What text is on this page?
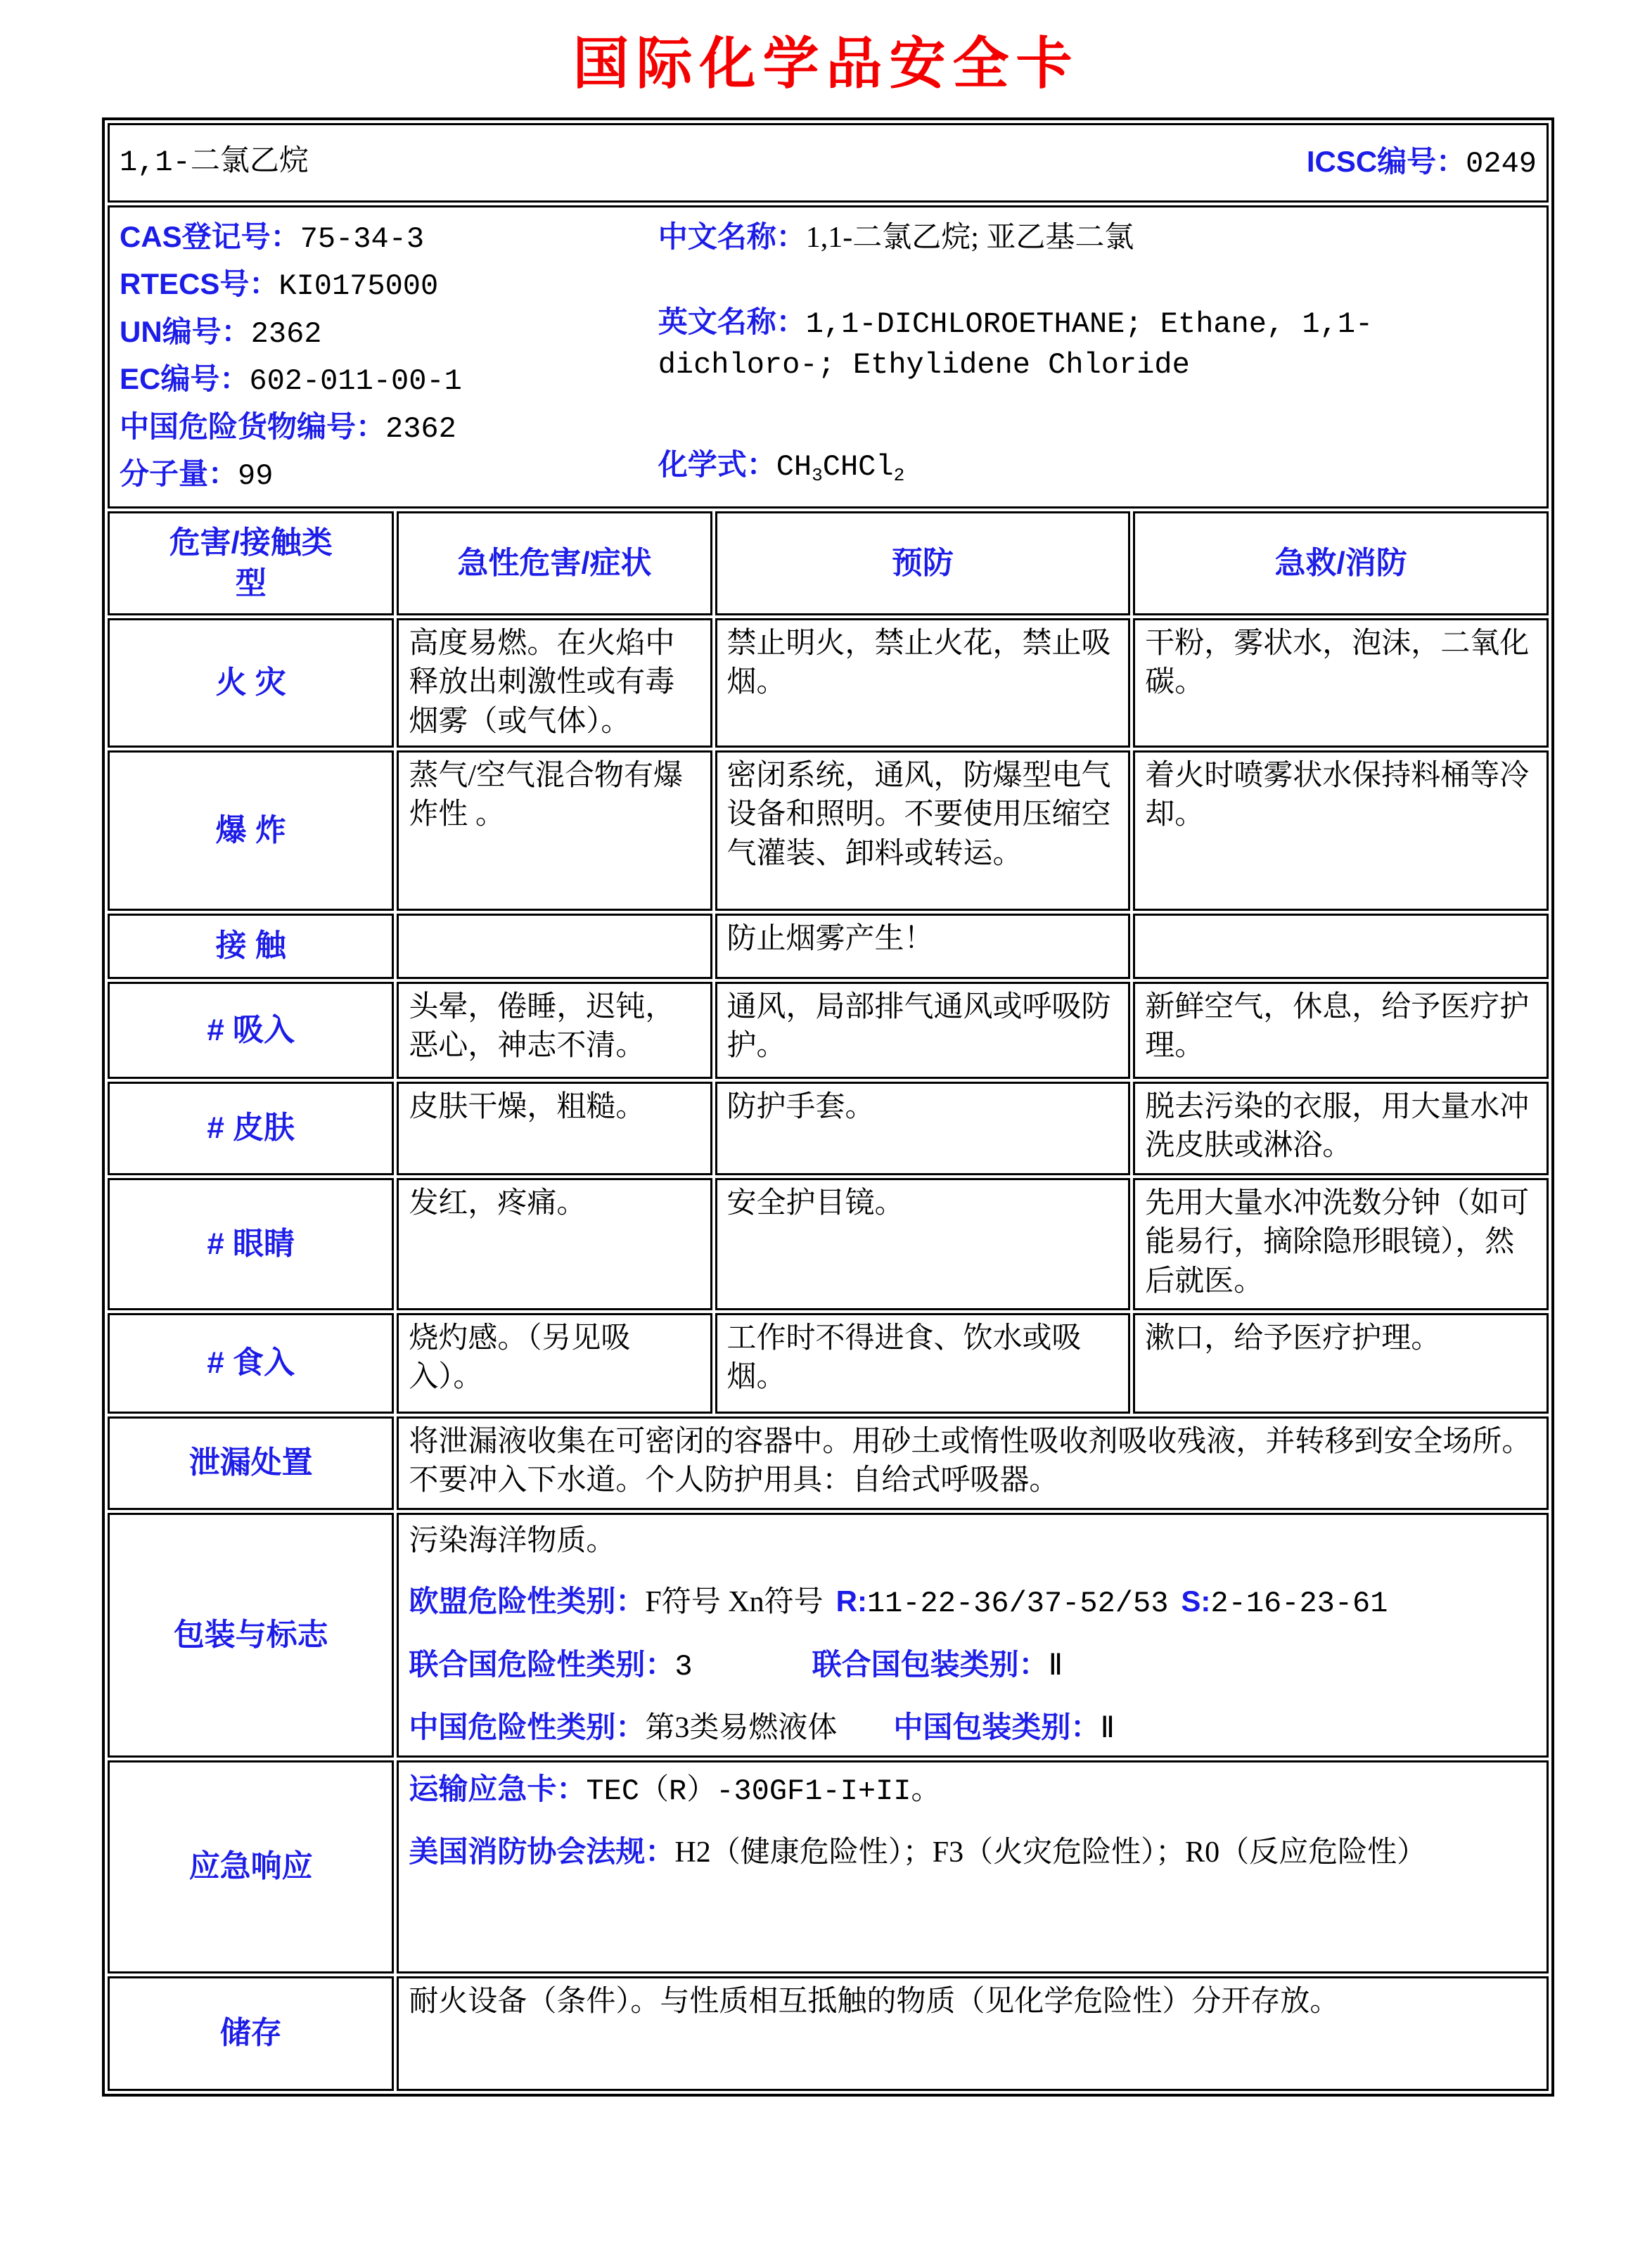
国际化学品安全卡
1,1-二氯乙烷 ICSC编号：0249			

CAS登记号：75-34-3
RTECS号：KI0175000
UN编号：2362
EC编号：602-011-00-1
中国危险货物编号：2362
分子量：99
中文名称：1,1-二氯乙烷; 亚乙基二氯
英文名称：1,1-DICHLOROETHANE; Ethane, 1,1-dichloro-; Ethylidene Chloride
化学式：CH3CHCl2

危害/接触类型	急性危害/症状	预防	急救/消防
火 灾	高度易燃。在火焰中释放出刺激性或有毒烟雾（或气体）。	禁止明火，禁止火花，禁止吸烟。	干粉，雾状水，泡沫，二氧化碳。
爆 炸	蒸气/空气混合物有爆炸性 。	密闭系统，通风，防爆型电气设备和照明。不要使用压缩空气灌装、卸料或转运。	着火时喷雾状水保持料桶等冷却。
接 触		防止烟雾产生！	
# 吸入	头晕，倦睡，迟钝，恶心，神志不清。	通风，局部排气通风或呼吸防护。	新鲜空气，休息，给予医疗护理。
# 皮肤	皮肤干燥，粗糙。	防护手套。	脱去污染的衣服，用大量水冲洗皮肤或淋浴。
# 眼睛	发红，疼痛。	安全护目镜。	先用大量水冲洗数分钟（如可能易行，摘除隐形眼镜），然后就医。
# 食入	烧灼感。（另见吸入）。	工作时不得进食、饮水或吸烟。	漱口，给予医疗护理。
泄漏处置	将泄漏液收集在可密闭的容器中。用砂土或惰性吸收剂吸收残液，并转移到安全场所。不要冲入下水道。个人防护用具：自给式呼吸器。		
包装与标志	污染海洋物质。
欧盟危险性类别：F符号 Xn符号 R:11-22-36/37-52/53 S:2-16-23-61
联合国危险性类别：3 联合国包装类别：Ⅱ
中国危险性类别：第3类易燃液体 中国包装类别：Ⅱ		

应急响应	运输应急卡：TEC（R）-30GF1-I+II。
美国消防协会法规：H2（健康危险性）；F3（火灾危险性）；R0（反应危险性）		

储存	耐火设备（条件）。与性质相互抵触的物质（见化学危险性）分开存放。		
